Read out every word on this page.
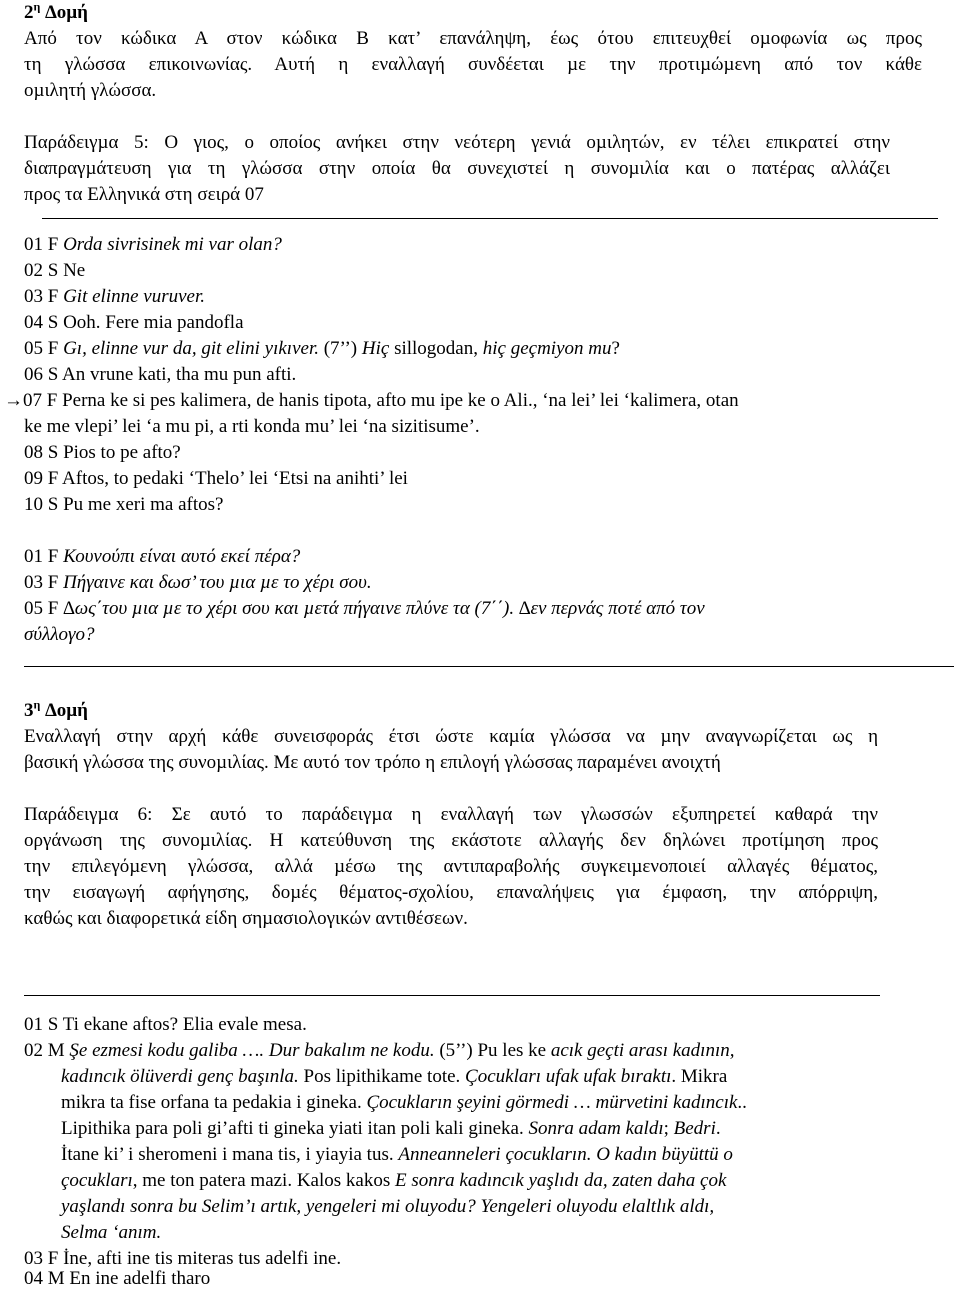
$2^\eta$ ∆οµή
Από τον κώδικα Α στον κώδικα Β κατ’ επανάληψη, έως ότου επιτευχθεί οµοφωνία ως προς
τη γλώσσα επικοινωνίας. Αυτή η εναλλαγή συνδέεται µε την προτιµώµενη από τον κάθε
οµιλητή γλώσσα.
Παράδειγµα 5: Ο γιος, ο οποίος ανήκει στην νεότερη γενιά οµιλητών, εν τέλει επικρατεί στην
διαπραγµάτευση για τη γλώσσα στην οποία θα συνεχιστεί η συνοµιλία και ο πατέρας αλλάζει
προς τα Ελληνικά στη σειρά 07
01 F Orda sivrisinek mi var olan?
02 S Ne
03 F Git elinne vuruver.
04 S Ooh. Fere mia pandofla
05 F Gı, elinne vur da, git elini yıkıver. (7’’) Hiç sillogodan, hiç geçmiyon mu?
06 S An vrune kati, tha mu pun afti.
→07 F Perna ke si pes kalimera, de hanis tipota, afto mu ipe ke o Ali., ‘na lei’ lei ‘kalimera, otan
ke me vlepi’ lei ‘a mu pi, a rti konda mu’ lei ‘na sizitisume’.
08 S Pios to pe afto?
09 F Aftos, to pedaki ‘Thelo’ lei ‘Etsi na anihti’ lei
10 S Pu me xeri ma aftos?
01 F Κουνούπι είναι αυτό εκεί πέρα?
03 F Πήγαινε και δωσ’ του µια µε το χέρι σου.
05 F ∆ως΄του µια µε το χέρι σου και µετά πήγαινε πλύνε τα (7΄΄). ∆εν περνάς ποτέ από τον
σύλλογο?
$3^\eta$ ∆οµή
Εναλλαγή στην αρχή κάθε συνεισφοράς έτσι ώστε καµία γλώσσα να µην αναγνωρίζεται ως η
βασική γλώσσα της συνοµιλίας. Με αυτό τον τρόπο η επιλογή γλώσσας παραµένει ανοιχτή
Παράδειγµα 6: Σε αυτό το παράδειγµα η εναλλαγή των γλωσσών εξυπηρετεί καθαρά την
οργάνωση της συνοµιλίας. Η κατεύθυνση της εκάστοτε αλλαγής δεν δηλώνει προτίµηση προς
την επιλεγόµενη γλώσσα, αλλά µέσω της αντιπαραβολής συγκειµενοποιεί αλλαγές θέµατος,
την εισαγωγή αφήγησης, δοµές θέµατος-σχολίου, επαναλήψεις για έµφαση, την απόρριψη,
καθώς και διαφορετικά είδη σηµασιολογικών αντιθέσεων.
01 S Ti ekane aftos? Elia evale mesa.
02 M Şe ezmesi kodu galiba …. Dur bakalım ne kodu. (5’’) Pu les ke acık geçti arası kadının,
kadıncık ölüverdi genç başınla. Pos lipithikame tote. Çocukları ufak ufak bıraktı. Mikra
mikra ta fise orfana ta pedakia i gineka. Çocukların şeyini görmedi … mürvetini kadıncık..
Lipithika para poli gi’afti ti gineka yiati itan poli kali gineka. Sonra adam kaldı; Bedri.
İtane ki’ i sheromeni i mana tis, i yiayia tus. Anneanneleri çocukların. O kadın büyüttü o
çocukları, me ton patera mazi. Kalos kakos E sonra kadıncık yaşlıdı da, zaten daha çok
yaşlandı sonra bu Selim’ı artık, yengeleri mi oluyodu? Yengeleri oluyodu elaltlık aldı,
Selma ‘anım.
03 F İne, afti ine tis miteras tus adelfi ine.
04 M En ine adelfi tharo
